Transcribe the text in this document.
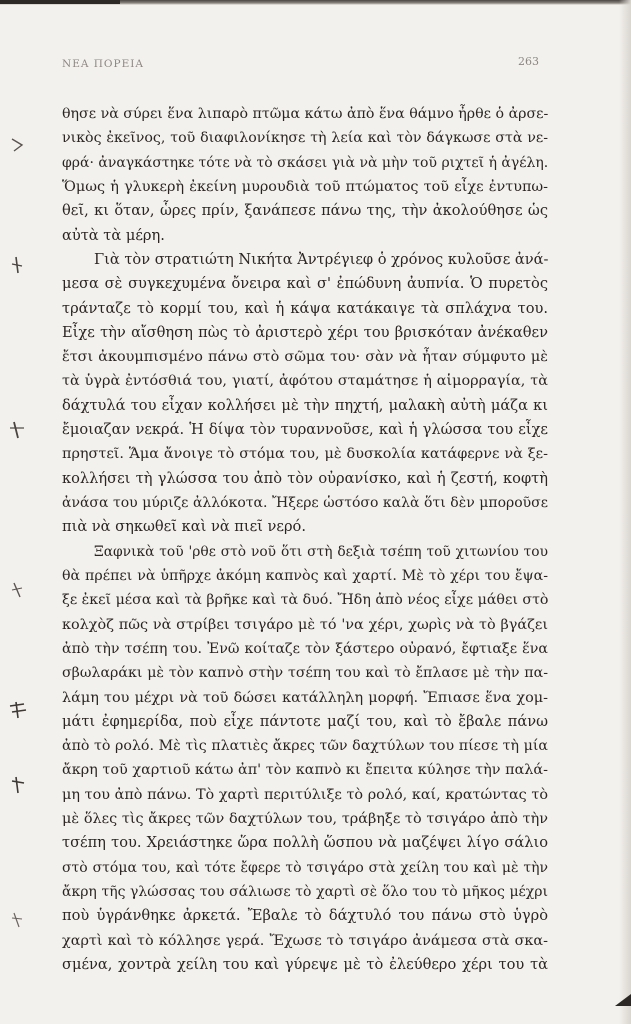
ΝΕΑ ΠΟΡΕΙΑ	263
θησε νὰ σύρει ἕνα λιπαρὸ πτῶμα κάτω ἀπὸ ἕνα θάμνο ἦρθε ὁ ἀρσε-
νικὸς ἐκεῖνος, τοῦ διαφιλονίκησε τὴ λεία καὶ τὸν δάγκωσε στὰ νε-
φρά· ἀναγκάστηκε τότε νὰ τὸ σκάσει γιὰ νὰ μὴν τοῦ ριχτεῖ ἡ ἀγέλη.
Ὅμως ἡ γλυκερὴ ἐκείνη μυρουδιὰ τοῦ πτώματος τοῦ εἶχε ἐντυπω-
θεῖ, κι ὅταν, ὧρες πρίν, ξανάπεσε πάνω της, τὴν ἀκολούθησε ὡς
αὐτὰ τὰ μέρη.
Γιὰ τὸν στρατιώτη Νικήτα Ἀντρέγιεφ ὁ χρόνος κυλοῦσε ἀνά-
μεσα σὲ συγκεχυμένα ὄνειρα καὶ σ' ἐπώδυνη ἀυπνία. Ὁ πυρετὸς
τράνταζε τὸ κορμί του, καὶ ἡ κάψα κατάκαιγε τὰ σπλάχνα του.
Εἶχε τὴν αἴσθηση πὼς τὸ ἀριστερὸ χέρι του βρισκόταν ἀνέκαθεν
ἔτσι ἀκουμπισμένο πάνω στὸ σῶμα του· σὰν νὰ ἦταν σύμφυτο μὲ
τὰ ὑγρὰ ἐντόσθιά του, γιατί, ἀφότου σταμάτησε ἡ αἱμορραγία, τὰ
δάχτυλά του εἶχαν κολλήσει μὲ τὴν πηχτή, μαλακὴ αὐτὴ μάζα κι
ἔμοιαζαν νεκρά. Ἡ δίψα τὸν τυραννοῦσε, καὶ ἡ γλώσσα του εἶχε
πρηστεῖ. Ἅμα ἄνοιγε τὸ στόμα του, μὲ δυσκολία κατάφερνε νὰ ξε-
κολλήσει τὴ γλώσσα του ἀπὸ τὸν οὐρανίσκο, καὶ ἡ ζεστή, κοφτὴ
ἀνάσα του μύριζε ἀλλόκοτα. Ἤξερε ὡστόσο καλὰ ὅτι δὲν μποροῦσε
πιὰ νὰ σηκωθεῖ καὶ νὰ πιεῖ νερό.
Ξαφνικὰ τοῦ 'ρθε στὸ νοῦ ὅτι στὴ δεξιὰ τσέπη τοῦ χιτωνίου του
θὰ πρέπει νὰ ὑπῆρχε ἀκόμη καπνὸς καὶ χαρτί. Μὲ τὸ χέρι του ἔψα-
ξε ἐκεῖ μέσα καὶ τὰ βρῆκε καὶ τὰ δυό. Ἤδη ἀπὸ νέος εἶχε μάθει στὸ
κολχὸζ πῶς νὰ στρίβει τσιγάρο μὲ τό 'να χέρι, χωρὶς νὰ τὸ βγάζει
ἀπὸ τὴν τσέπη του. Ἐνῶ κοίταζε τὸν ξάστερο οὐρανό, ἔφτιαξε ἕνα
σβωλαράκι μὲ τὸν καπνὸ στὴν τσέπη του καὶ τὸ ἔπλασε μὲ τὴν πα-
λάμη του μέχρι νὰ τοῦ δώσει κατάλληλη μορφή. Ἔπιασε ἕνα χομ-
μάτι ἐφημερίδα, ποὺ εἶχε πάντοτε μαζί του, καὶ τὸ ἔβαλε πάνω
ἀπὸ τὸ ρολό. Μὲ τὶς πλατιὲς ἄκρες τῶν δαχτύλων του πίεσε τὴ μία
ἄκρη τοῦ χαρτιοῦ κάτω ἀπ' τὸν καπνὸ κι ἔπειτα κύλησε τὴν παλά-
μη του ἀπὸ πάνω. Τὸ χαρτὶ περιτύλιξε τὸ ρολό, καί, κρατώντας τὸ
μὲ ὅλες τὶς ἄκρες τῶν δαχτύλων του, τράβηξε τὸ τσιγάρο ἀπὸ τὴν
τσέπη του. Χρειάστηκε ὥρα πολλὴ ὥσπου νὰ μαζέψει λίγο σάλιο
στὸ στόμα του, καὶ τότε ἔφερε τὸ τσιγάρο στὰ χείλη του καὶ μὲ τὴν
ἄκρη τῆς γλώσσας του σάλιωσε τὸ χαρτὶ σὲ ὅλο του τὸ μῆκος μέχρι
ποὺ ὑγράνθηκε ἀρκετά. Ἔβαλε τὸ δάχτυλό του πάνω στὸ ὑγρὸ
χαρτὶ καὶ τὸ κόλλησε γερά. Ἔχωσε τὸ τσιγάρο ἀνάμεσα στὰ σκα-
σμένα, χοντρὰ χείλη του καὶ γύρεψε μὲ τὸ ἐλεύθερο χέρι του τὰ
